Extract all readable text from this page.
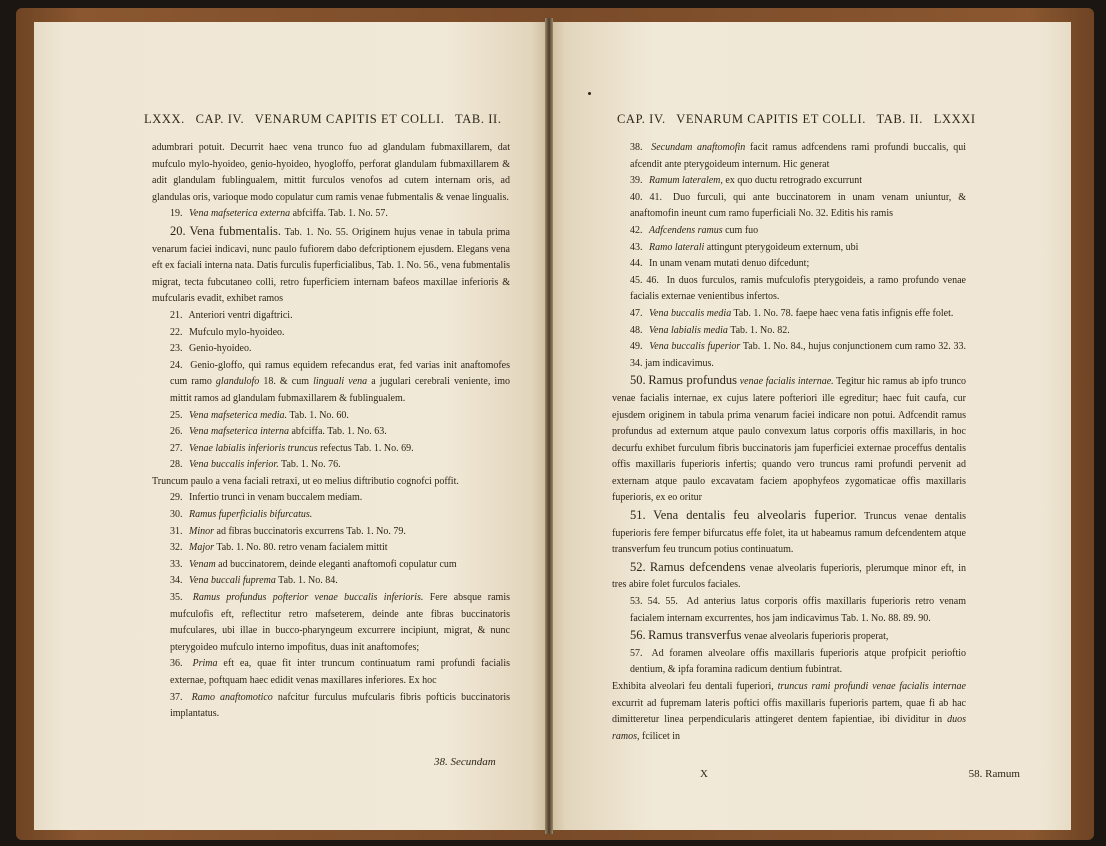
LXXX. CAP. IV. VENARUM CAPITIS ET COLLI. TAB. II.

adumbrari potuit. Decurrit haec vena trunco fuo ad glandulam fubmaxillarem, dat mufculo mylo-hyoideo, genio-hyoideo, hyogloffo, perforat glandulam fubmaxillarem & adit glandulam fublingualem, mittit furculos venofos ad cutem internam oris, ad glandulas oris, varioque modo copulatur cum ramis venae fubmentalis & venae lingualis.

19. Vena mafseterica externa abfciffa. Tab. 1. No. 57.

20. Vena fubmentalis. Tab. 1. No. 55. Originem hujus venae in tabula prima venarum faciei indicavi, nunc paulo fufiorem dabo defcriptionem ejusdem. Elegans vena eft ex faciali interna nata. Datis furculis fuperficialibus, Tab. 1. No. 56., vena fubmentalis migrat, tecta fubcutaneo colli, retro fuperficiem internam bafeos maxillae inferioris & mufcularis evadit, exhibet ramos

21. Anteriori ventri digaftrici.

22. Mufculo mylo-hyoideo.

23. Genio-hyoideo.

24. Genio-gloffo, qui ramus equidem refecandus erat, fed varias init anaftomofes cum ramo glandulofo 18. & cum linguali vena a jugulari cerebrali veniente, imo mittit ramos ad glandulam fubmaxillarem & fublingualem.

25. Vena mafseterica media. Tab. 1. No. 60.

26. Vena mafseterica interna abfciffa. Tab. 1. No. 63.

27. Venae labialis inferioris truncus refectus Tab. 1. No. 69.

28. Vena buccalis inferior. Tab. 1. No. 76.

Truncum paulo a vena faciali retraxi, ut eo melius diftributio cognofci poffit.

29. Infertio trunci in venam buccalem mediam.

30. Ramus fuperficialis bifurcatus.

31. Minor ad fibras buccinatoris excurrens Tab. 1. No. 79.

32. Major Tab. 1. No. 80. retro venam facialem mittit

33. Venam ad buccinatorem, deinde eleganti anaftomofi copulatur cum

34. Vena buccali fuprema Tab. 1. No. 84.

35. Ramus profundus pofterior venae buccalis inferioris. Fere absque ramis mufculofis eft, reflectitur retro mafseterem, deinde ante fibras buccinatoris mufculares, ubi illae in bucco-pharyngeum excurrere incipiunt, migrat, & nunc pterygoideo mufculo interno impofitus, duas init anaftomofes;

36. Prima eft ea, quae fit inter truncum continuatum rami profundi facialis externae, poftquam haec edidit venas maxillares inferiores. Ex hoc

37. Ramo anaftomotico nafcitur furculus mufcularis fibris pofticis buccinatoris implantatus.

38. Secundam
CAP. IV. VENARUM CAPITIS ET COLLI. TAB. II. LXXXI

38. Secundam anaftomofin facit ramus adfcendens rami profundi buccalis, qui afcendit ante pterygoideum internum. Hic generat

39. Ramum lateralem, ex quo ductu retrogrado excurrunt

40. 41. Duo furculi, qui ante buccinatorem in unam venam uniuntur, & anaftomofin ineunt cum ramo fuperficiali No. 32. Editis his ramis

42. Adfcendens ramus cum fuo

43. Ramo laterali attingunt pterygoideum externum, ubi

44. In unam venam mutati denuo difcedunt;

45. 46. In duos furculos, ramis mufculofis pterygoideis, a ramo profundo venae facialis externae venientibus infertos.

47. Vena buccalis media Tab. 1. No. 78. faepe haec vena fatis infignis effe folet.

48. Vena labialis media Tab. 1. No. 82.

49. Vena buccalis fuperior Tab. 1. No. 84., hujus conjunctionem cum ramo 32. 33. 34. jam indicavimus.

50. Ramus profundus venae facialis internae. Tegitur hic ramus ab ipfo trunco venae facialis internae, ex cujus latere pofteriori ille egreditur; haec fuit caufa, cur ejusdem originem in tabula prima venarum faciei indicare non potui. Adfcendit ramus profundus ad externum atque paulo convexum latus corporis offis maxillaris, in hoc decurfu exhibet furculum fibris buccinatoris jam fuperficiei externae proceffus dentalis offis maxillaris fuperioris infertis; quando vero truncus rami profundi pervenit ad externam atque paulo excavatam faciem apophyfeos zygomaticae offis maxillaris fuperioris, ex eo oritur

51. Vena dentalis feu alveolaris fuperior. Truncus venae dentalis fuperioris fere femper bifurcatus effe folet, ita ut habeamus ramum defcendentem atque transverfum feu truncum potius continuatum.

52. Ramus defcendens venae alveolaris fuperioris, plerumque minor eft, in tres abire folet furculos faciales.

53. 54. 55. Ad anterius latus corporis offis maxillaris fuperioris retro venam facialem internam excurrentes, hos jam indicavimus Tab. 1. No. 88. 89. 90.

56. Ramus transverfus venae alveolaris fuperioris properat,

57. Ad foramen alveolare offis maxillaris fuperioris atque profpicit perioftio dentium, & ipfa foramina radicum dentium fubintrat.

Exhibita alveolari feu dentali fuperiori, truncus rami profundi venae facialis internae excurrit ad fupremam lateris poftici offis maxillaris fuperioris partem, quae fi ab hac dimitteretur linea perpendicularis attingeret dentem fapientiae, ibi dividitur in duos ramos, fcilicet in

X	58. Ramum
